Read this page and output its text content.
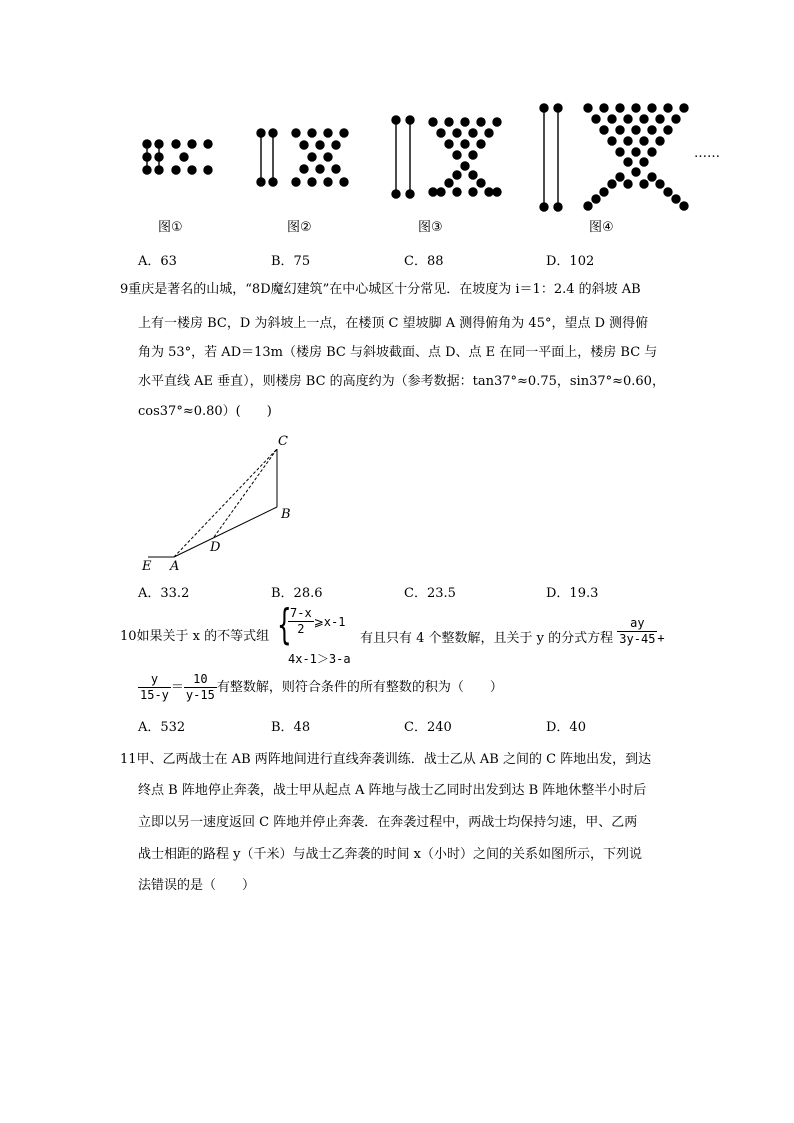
……
图①	图②	图③	图④
A．63	B．75	C．88	D．102
9重庆是著名的山城，“8D魔幻建筑”在中心城区十分常见．在坡度为 i＝1：2.4 的斜坡 AB
上有一楼房 BC，D 为斜坡上一点，在楼顶 C 望坡脚 A 测得俯角为 45°，望点 D 测得俯
角为 53°，若 AD＝13m（楼房 BC 与斜坡截面、点 D、点 E 在同一平面上，楼房 BC 与
水平直线 AE 垂直），则楼房 BC 的高度约为（参考数据：tan37°≈0.75，sin37°≈0.60，
cos37°≈0.80）(　　)
C
B
D
E A
A．33.2	B．28.6	C．23.5	D．19.3
10如果关于 x 的不等式组 {
$\frac{7-x}{2}$ ⩾x-1
4x-1＞3-a
有且只有 4 个整数解，且关于 y 的分式方程 $\frac{ay}{3y-45}$ +
$\frac{y}{15-y} = \frac{10}{y-15}$ 有整数解，则符合条件的所有整数的积为（　　）
A．532	B．48	C．240	D．40
11甲、乙两战士在 AB 两阵地间进行直线奔袭训练．战士乙从 AB 之间的 C 阵地出发，到达
终点 B 阵地停止奔袭，战士甲从起点 A 阵地与战士乙同时出发到达 B 阵地休整半小时后
立即以另一速度返回 C 阵地并停止奔袭．在奔袭过程中，两战士均保持匀速，甲、乙两
战士相距的路程 y（千米）与战士乙奔袭的时间 x（小时）之间的关系如图所示，下列说
法错误的是（　　）
